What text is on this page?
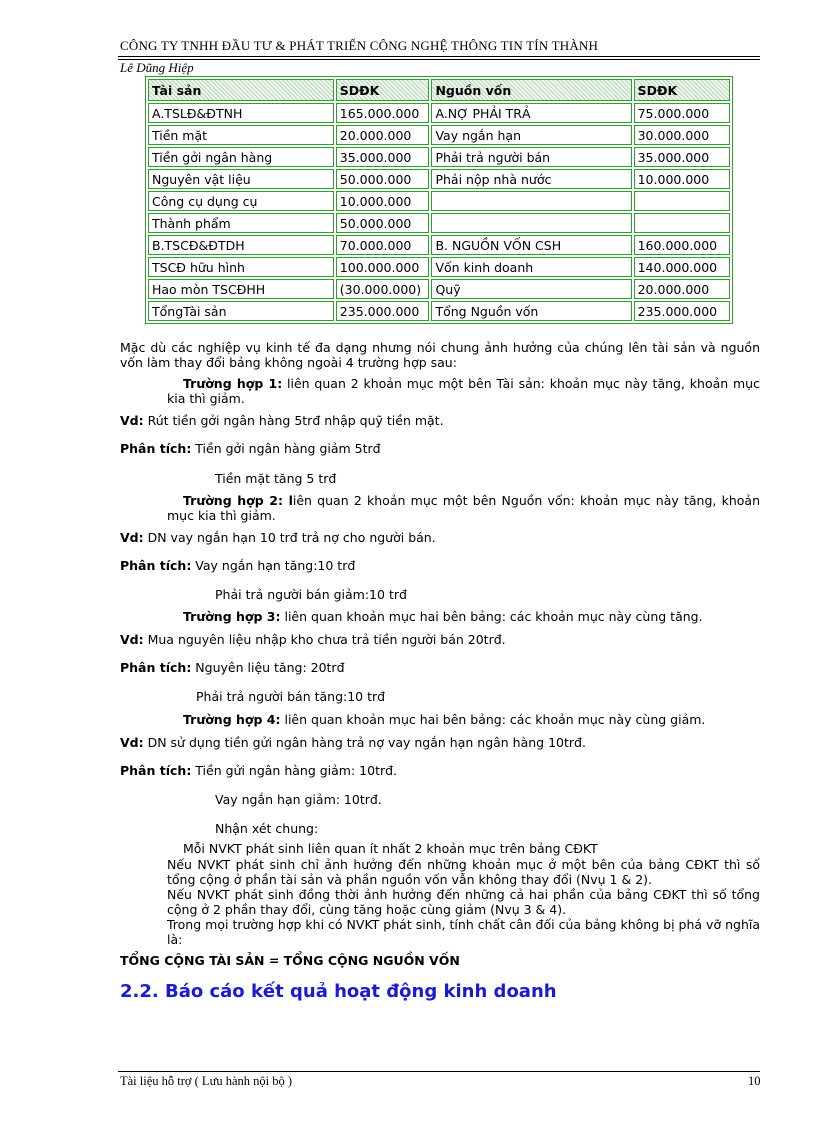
CÔNG TY TNHH ĐẦU TƯ & PHÁT TRIỂN CÔNG NGHỆ THÔNG TIN TÍN THÀNH
Lê Dũng Hiệp
Tài sản	SDĐK	Nguồn vốn	SDĐK
A.TSLĐ&ĐTNH	165.000.000	A.NỢ PHẢI TRẢ	75.000.000
Tiền mặt	20.000.000	Vay ngắn hạn	30.000.000
Tiền gởi ngân hàng	35.000.000	Phải trả người bán	35.000.000
Nguyên vật liệu	50.000.000	Phải nộp nhà nước	10.000.000
Công cụ dụng cụ	10.000.000		
Thành phẩm	50.000.000		
B.TSCĐ&ĐTDH	70.000.000	B. NGUỒN VỐN CSH	160.000.000
TSCĐ hữu hình	100.000.000	Vốn kinh doanh	140.000.000
Hao mòn TSCĐHH	(30.000.000)	Quỹ	20.000.000
TổngTài sản	235.000.000	Tổng Nguồn vốn	235.000.000
Mặc dù các nghiệp vụ kinh tế đa dạng nhưng nói chung ảnh hưởng của chúng lên tài sản và nguồn vốn làm thay đổi bảng không ngoài 4 trường hợp sau:
Trường hợp 1: liên quan 2 khoản mục một bên Tài sản: khoản mục này tăng, khoản mục kia thì giảm.
Vd: Rút tiền gởi ngân hàng 5trđ nhập quỹ tiền mặt.
Phân tích: Tiền gởi ngân hàng giảm 5trđ
Tiền mặt tăng 5 trđ
Trường hợp 2: liên quan 2 khoản mục một bên Nguồn vốn: khoản mục này tăng, khoản mục kia thì giảm.
Vd: DN vay ngắn hạn 10 trđ trả nợ cho người bán.
Phân tích: Vay ngắn hạn tăng:10 trđ
Phải trả người bán giảm:10 trđ
Trường hợp 3: liên quan khoản mục hai bên bảng: các khoản mục này cùng tăng.
Vd: Mua nguyên liệu nhập kho chưa trả tiền người bán 20trđ.
Phân tích: Nguyên liệu tăng: 20trđ
Phải trả người bán tăng:10 trđ
Trường hợp 4: liên quan khoản mục hai bên bảng: các khoản mục này cùng giảm.
Vd: DN sử dụng tiền gửi ngân hàng trả nợ vay ngắn hạn ngân hàng 10trđ.
Phân tích: Tiền gửi ngân hàng giảm: 10trđ.
Vay ngắn hạn giảm: 10trđ.
Nhận xét chung:
Mỗi NVKT phát sinh liên quan ít nhất 2 khoản mục trên bảng CĐKT
Nếu NVKT phát sinh chỉ ảnh hưởng đến những khoản mục ở một bên của bảng CĐKT thì số tổng cộng ở phần tài sản và phần nguồn vốn vẫn không thay đổi (Nvụ 1 & 2).
Nếu NVKT phát sinh đồng thời ảnh hưởng đến những cả hai phần của bảng CĐKT thì số tổng cộng ở 2 phần thay đổi, cùng tăng hoặc cùng giảm (Nvụ 3 & 4).
Trong mọi trường hợp khi có NVKT phát sinh, tính chất cân đối của bảng không bị phá vỡ nghĩa là:
TỔNG CỘNG TÀI SẢN = TỔNG CỘNG NGUỒN VỐN
2.2. Báo cáo kết quả hoạt động kinh doanh
Tài liệu hỗ trợ ( Lưu hành nội bộ )	10
